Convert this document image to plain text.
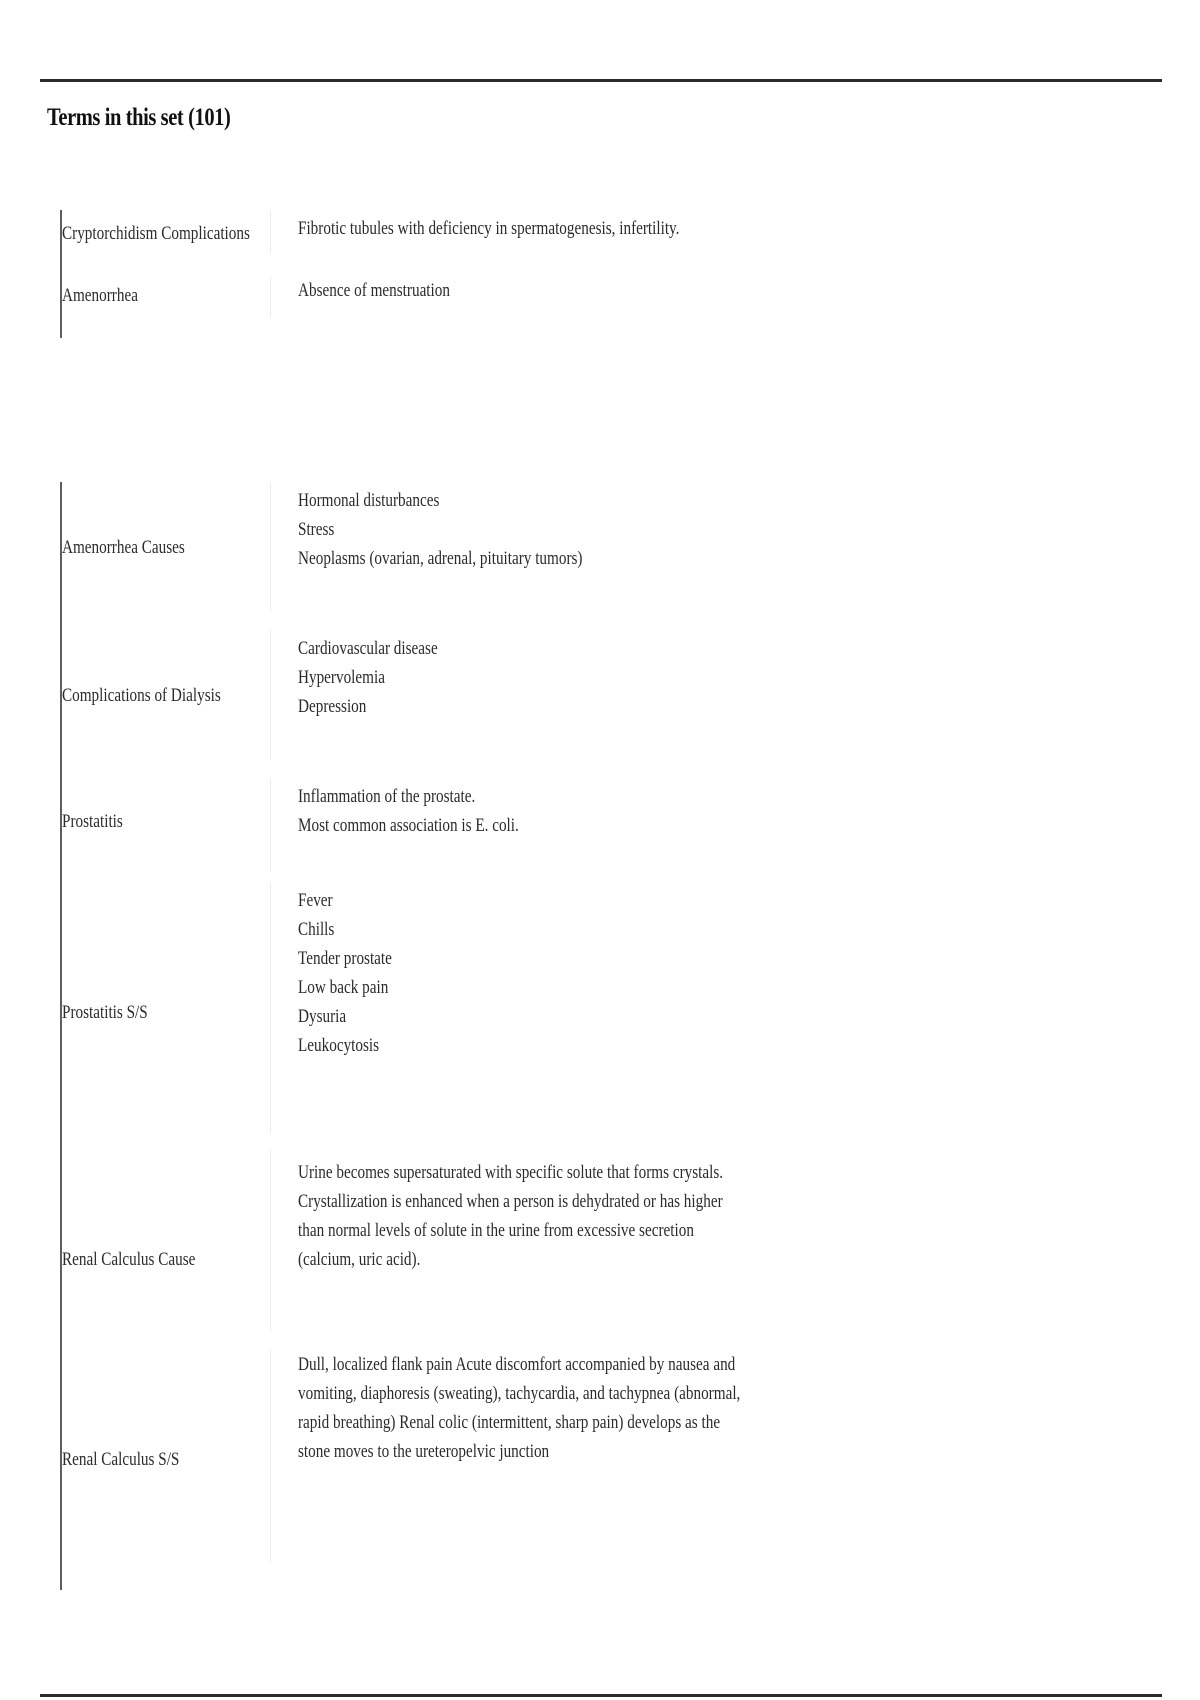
Terms in this set (101)
Cryptorchidism Complications	Fibrotic tubules with deficiency in spermatogenesis, infertility.
Amenorrhea	Absence of menstruation
Amenorrhea Causes
Hormonal disturbances
Stress
Neoplasms (ovarian, adrenal, pituitary tumors)
Complications of Dialysis
Cardiovascular disease
Hypervolemia
Depression
Prostatitis
Inflammation of the prostate.
Most common association is E. coli.
Prostatitis S/S
Fever
Chills
Tender prostate
Low back pain
Dysuria
Leukocytosis
Renal Calculus Cause
Urine becomes supersaturated with specific solute that forms crystals.
Crystallization is enhanced when a person is dehydrated or has higher
than normal levels of solute in the urine from excessive secretion
(calcium, uric acid).
Renal Calculus S/S
Dull, localized flank pain Acute discomfort accompanied by nausea and
vomiting, diaphoresis (sweating), tachycardia, and tachypnea (abnormal,
rapid breathing) Renal colic (intermittent, sharp pain) develops as the
stone moves to the ureteropelvic junction
